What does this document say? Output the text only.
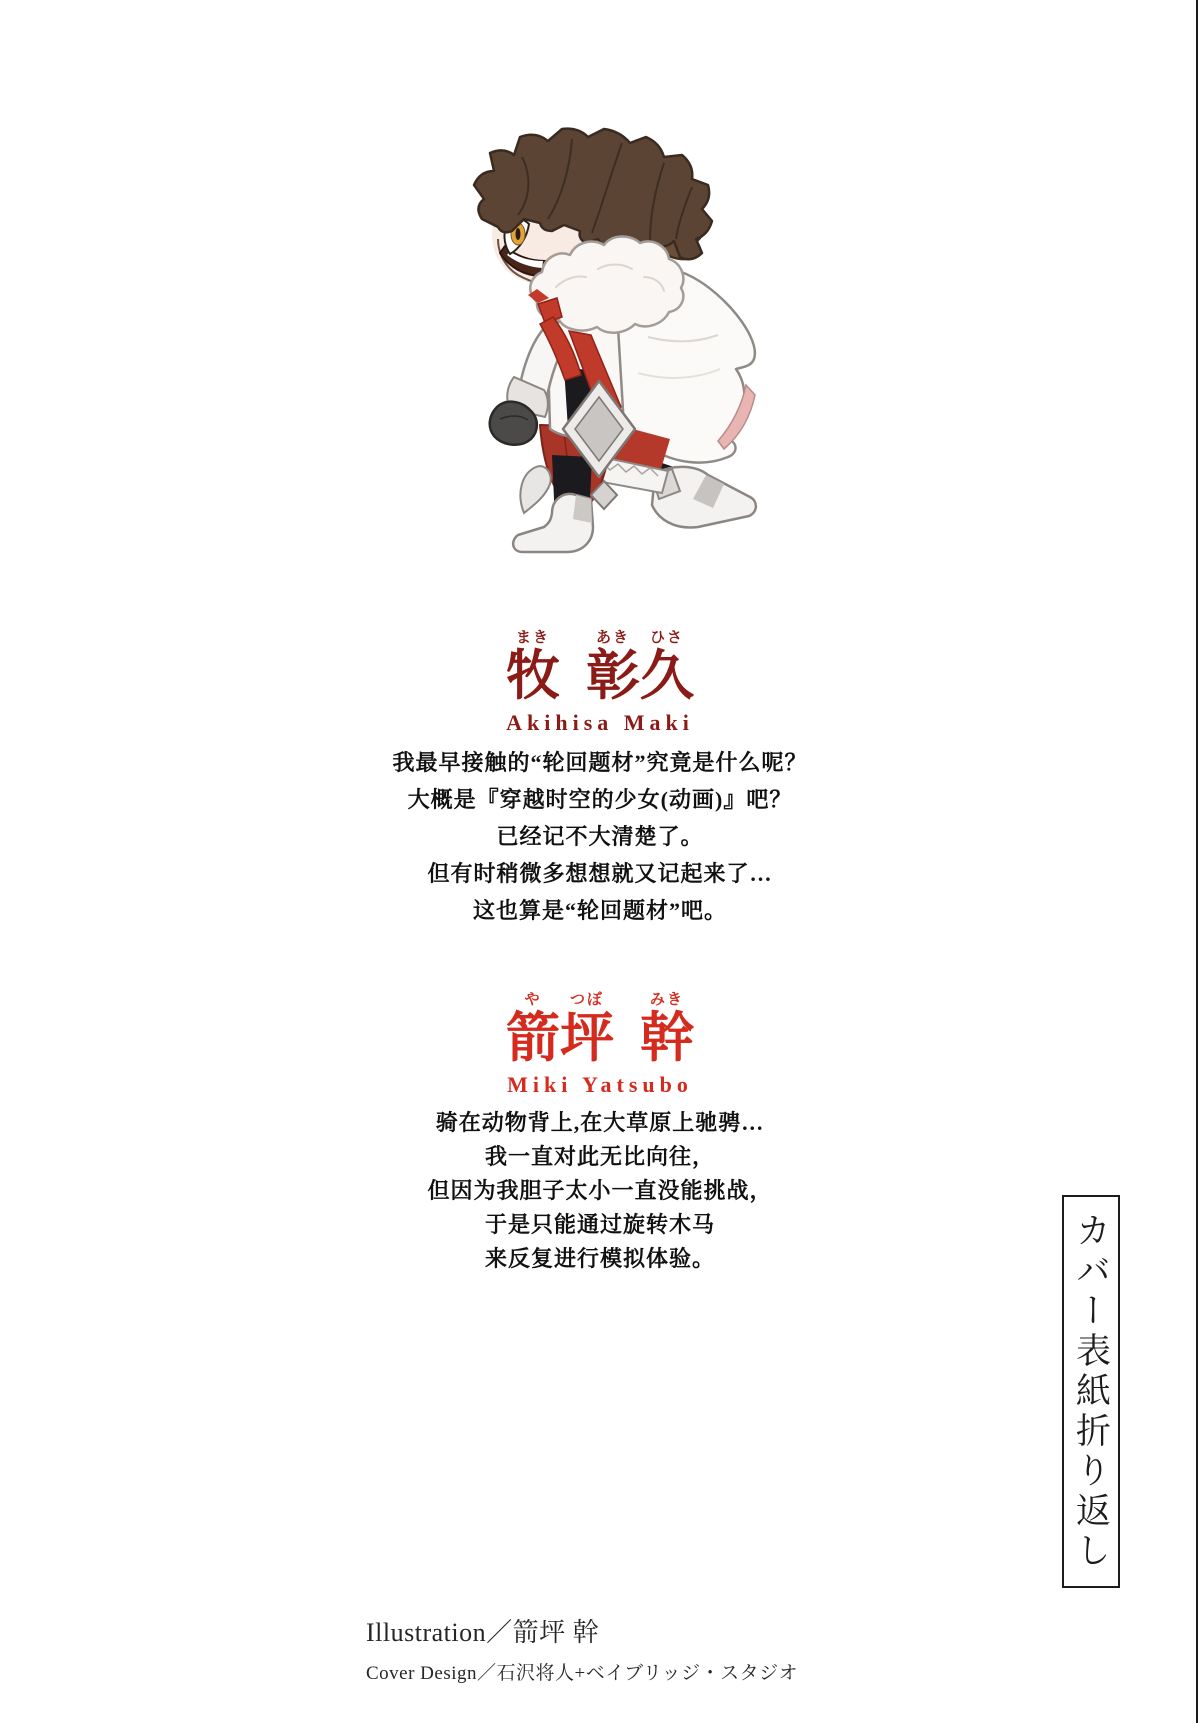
まき
牧
あき
彰
ひさ
久
Akihisa Maki
我最早接触的“轮回题材”究竟是什么呢？
大概是『穿越时空的少女(动画)』吧？
已经记不大清楚了。
但有时稍微多想想就又记起来了…
这也算是“轮回题材”吧。
や
箭
つぼ
坪
みき
幹
Miki Yatsubo
骑在动物背上,在大草原上驰骋…
我一直对此无比向往，
但因为我胆子太小一直没能挑战，
于是只能通过旋转木马
来反复进行模拟体验。	カバー表紙折り返し
Illustration／箭坪 幹
Cover Design／石沢将人+ベイブリッジ・スタジオ
